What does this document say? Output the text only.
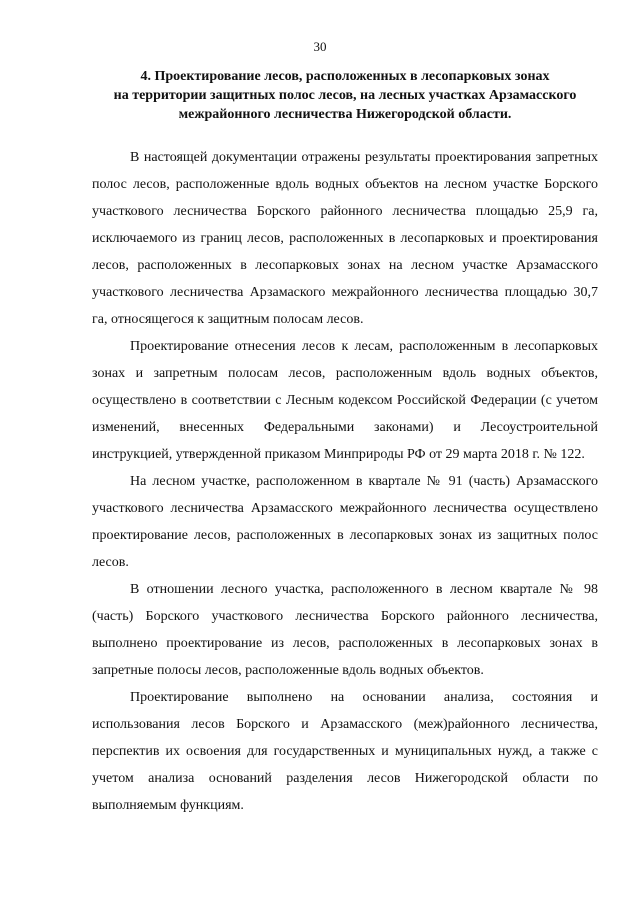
30
4. Проектирование лесов, расположенных в лесопарковых зонах
на территории защитных полос лесов, на лесных участках Арзамасского
межрайонного лесничества Нижегородской области.

В настоящей документации отражены результаты проектирования запретных полос лесов, расположенные вдоль водных объектов на лесном участке Борского участкового лесничества Борского районного лесничества площадью 25,9 га, исключаемого из границ лесов, расположенных в лесопарковых и проектирования лесов, расположенных в лесопарковых зонах на лесном участке Арзамасского участкового лесничества Арзамаского межрайонного лесничества площадью 30,7 га, относящегося к защитным полосам лесов.

Проектирование отнесения лесов к лесам, расположенным в лесопарковых зонах и запретным полосам лесов, расположенным вдоль водных объектов, осуществлено в соответствии с Лесным кодексом Российской Федерации (с учетом изменений, внесенных Федеральными законами) и Лесоустроительной инструкцией, утвержденной приказом Минприроды РФ от 29 марта 2018 г. № 122.

На лесном участке, расположенном в квартале № 91 (часть) Арзамасского участкового лесничества Арзамасского межрайонного лесничества осуществлено проектирование лесов, расположенных в лесопарковых зонах из защитных полос лесов.

В отношении лесного участка, расположенного в лесном квартале № 98 (часть) Борского участкового лесничества Борского районного лесничества, выполнено проектирование из лесов, расположенных в лесопарковых зонах в запретные полосы лесов, расположенные вдоль водных объектов.

Проектирование выполнено на основании анализа, состояния и использования лесов Борского и Арзамасского (меж)районного лесничества, перспектив их освоения для государственных и муниципальных нужд, а также с учетом анализа оснований разделения лесов Нижегородской области по выполняемым функциям.
